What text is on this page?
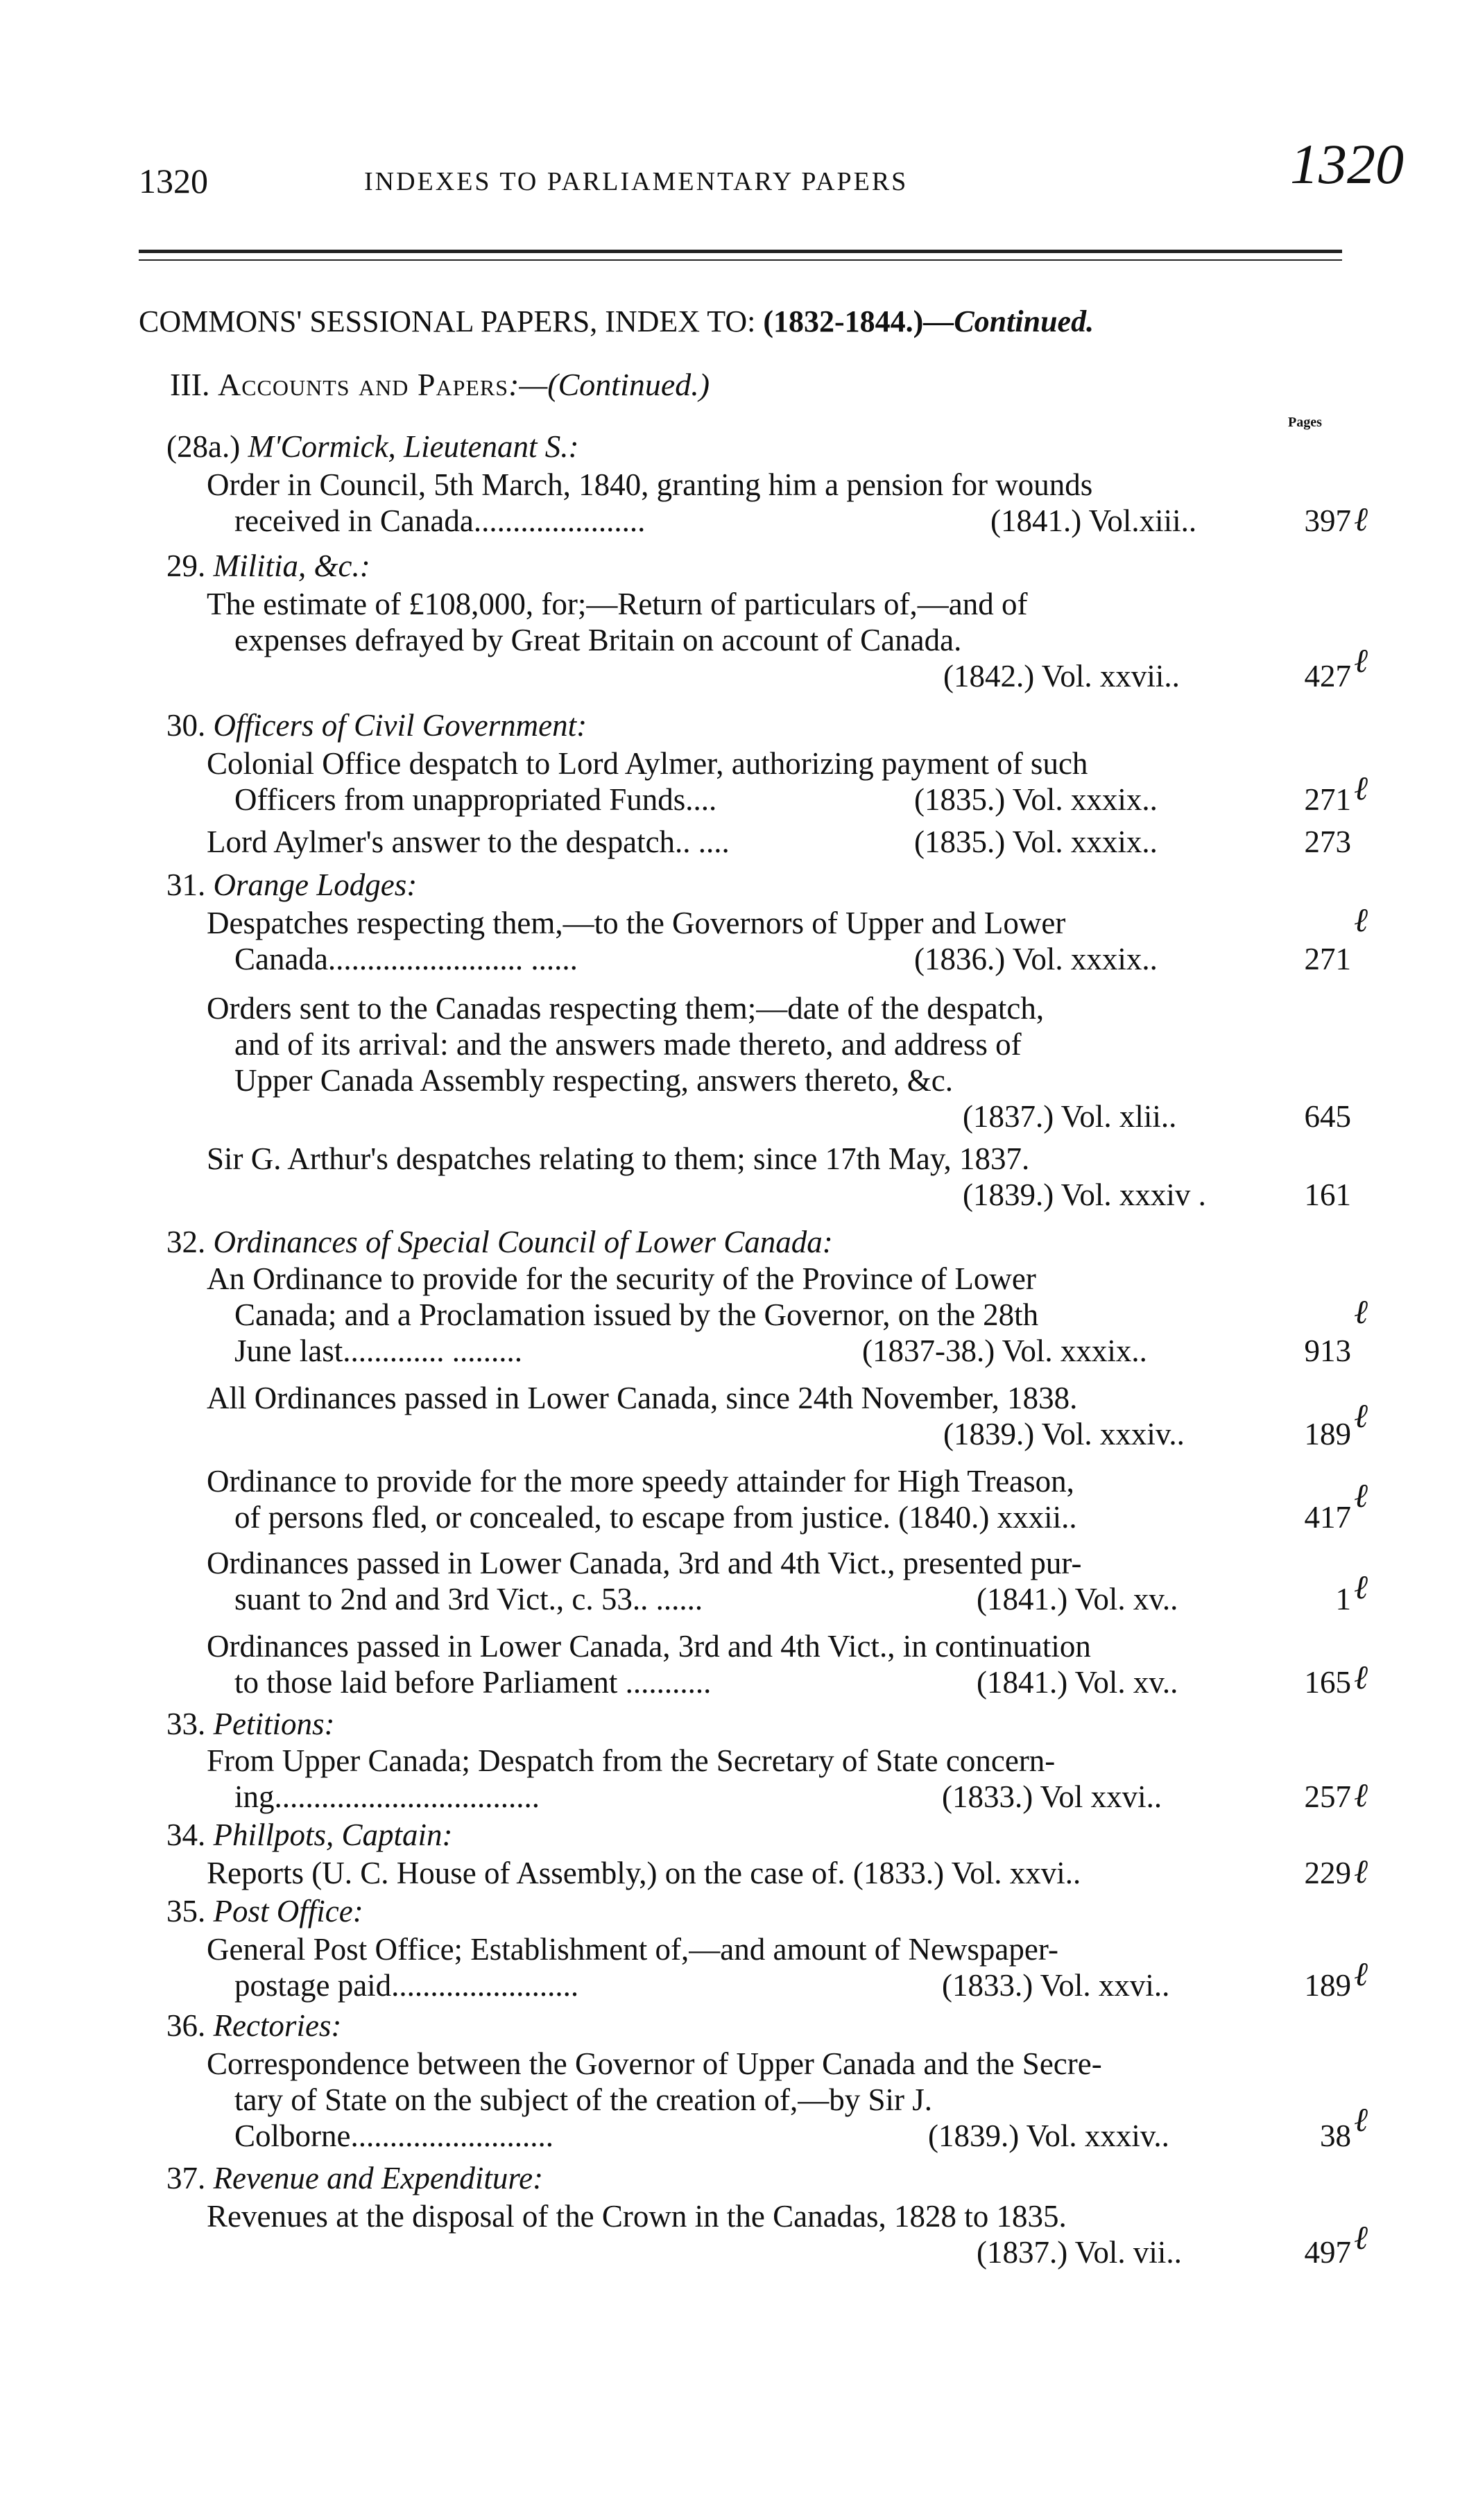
1320	INDEXES TO PARLIAMENTARY PAPERS	1320
COMMONS' SESSIONAL PAPERS, INDEX TO: (1832-1844.)—Continued.
III. Accounts and Papers:—(Continued.)
Pages
(28a.) M'Cormick, Lieutenant S.:
Order in Council, 5th March, 1840, granting him a pension for wounds
received in Canada......................	(1841.) Vol.xiii..	397 ℓ
29. Militia, &c.:
The estimate of £108,000, for;—Return of particulars of,—and of
expenses defrayed by Great Britain on account of Canada.
(1842.) Vol. xxvii..	427 ℓ
30. Officers of Civil Government:
Colonial Office despatch to Lord Aylmer, authorizing payment of such
Officers from unappropriated Funds....	(1835.) Vol. xxxix..	271 ℓ
Lord Aylmer's answer to the despatch.. ....	(1835.) Vol. xxxix..	273
31. Orange Lodges:
Despatches respecting them,—to the Governors of Upper and Lower	ℓ
Canada......................... ......	(1836.) Vol. xxxix..	271
Orders sent to the Canadas respecting them;—date of the despatch,
and of its arrival: and the answers made thereto, and address of
Upper Canada Assembly respecting, answers thereto, &c.
(1837.) Vol. xlii..	645
Sir G. Arthur's despatches relating to them; since 17th May, 1837.
(1839.) Vol. xxxiv .	161
32. Ordinances of Special Council of Lower Canada:
An Ordinance to provide for the security of the Province of Lower
Canada; and a Proclamation issued by the Governor, on the 28th	ℓ
June last............. .........	(1837-38.) Vol. xxxix..	913
All Ordinances passed in Lower Canada, since 24th November, 1838.
(1839.) Vol. xxxiv..	189 ℓ
Ordinance to provide for the more speedy attainder for High Treason,
of persons fled, or concealed, to escape from justice. (1840.) xxxii..	417
ℓ
Ordinances passed in Lower Canada, 3rd and 4th Vict., presented pur-
suant to 2nd and 3rd Vict., c. 53.. ......	(1841.) Vol. xv..	1 ℓ
Ordinances passed in Lower Canada, 3rd and 4th Vict., in continuation
to those laid before Parliament ...........	(1841.) Vol. xv..	165 ℓ
33. Petitions:
From Upper Canada; Despatch from the Secretary of State concern-
ing..................................	(1833.) Vol xxvi..	257 ℓ
34. Phillpots, Captain:
Reports (U. C. House of Assembly,) on the case of. (1833.) Vol. xxvi..	229 ℓ
35. Post Office:
General Post Office; Establishment of,—and amount of Newspaper-
postage paid........................	(1833.) Vol. xxvi..	189 ℓ
36. Rectories:
Correspondence between the Governor of Upper Canada and the Secre-
tary of State on the subject of the creation of,—by Sir J.
Colborne..........................	(1839.) Vol. xxxiv..	38 ℓ
37. Revenue and Expenditure:
Revenues at the disposal of the Crown in the Canadas, 1828 to 1835.
(1837.) Vol. vii..	497 ℓ
